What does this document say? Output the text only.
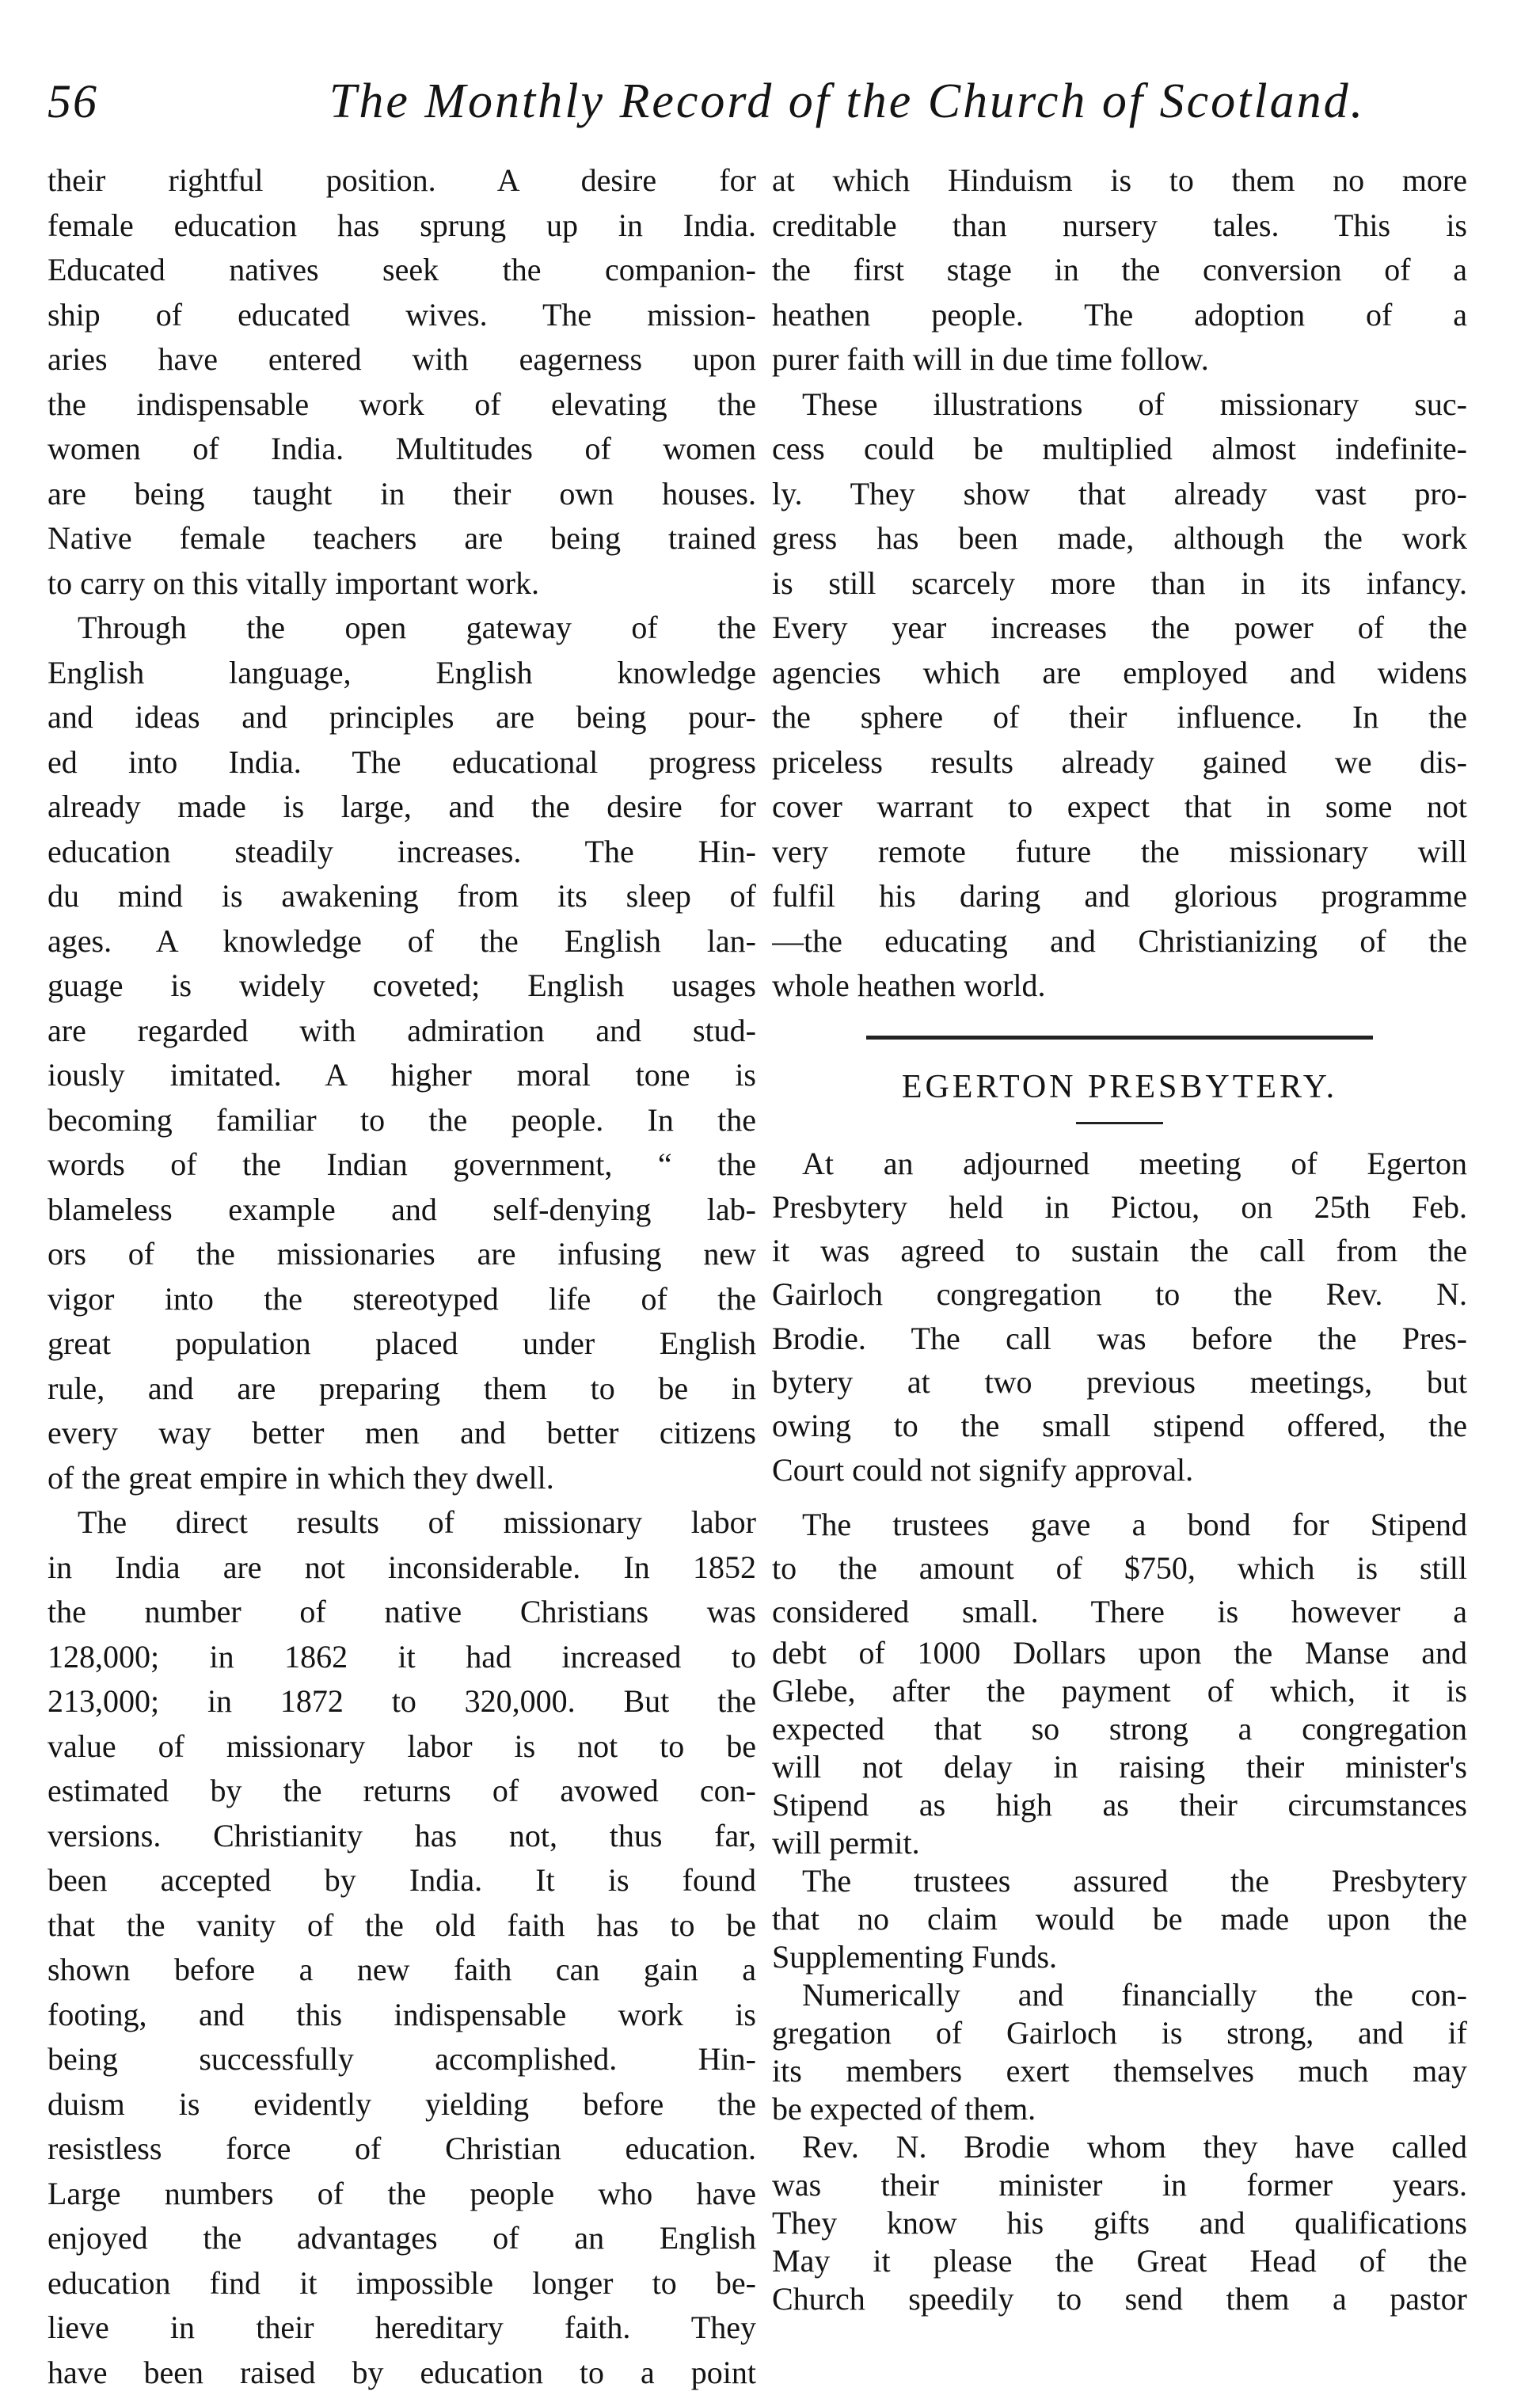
56	The Monthly Record of the Church of Scotland.
their rightful position. A desire for
female education has sprung up in India.
Educated natives seek the companion-
ship of educated wives. The mission-
aries have entered with eagerness upon
the indispensable work of elevating the
women of India. Multitudes of women
are being taught in their own houses.
Native female teachers are being trained
to carry on this vitally important work.
Through the open gateway of the
English language, English knowledge
and ideas and principles are being pour-
ed into India. The educational progress
already made is large, and the desire for
education steadily increases. The Hin-
du mind is awakening from its sleep of
ages. A knowledge of the English lan-
guage is widely coveted; English usages
are regarded with admiration and stud-
iously imitated. A higher moral tone is
becoming familiar to the people. In the
words of the Indian government, “ the
blameless example and self-denying lab-
ors of the missionaries are infusing new
vigor into the stereotyped life of the
great population placed under English
rule, and are preparing them to be in
every way better men and better citizens
of the great empire in which they dwell.
The direct results of missionary labor
in India are not inconsiderable. In 1852
the number of native Christians was
128,000; in 1862 it had increased to
213,000; in 1872 to 320,000. But the
value of missionary labor is not to be
estimated by the returns of avowed con-
versions. Christianity has not, thus far,
been accepted by India. It is found
that the vanity of the old faith has to be
shown before a new faith can gain a
footing, and this indispensable work is
being successfully accomplished. Hin-
duism is evidently yielding before the
resistless force of Christian education.
Large numbers of the people who have
enjoyed the advantages of an English
education find it impossible longer to be-
lieve in their hereditary faith. They
have been raised by education to a point
at which Hinduism is to them no more
creditable than nursery tales. This is
the first stage in the conversion of a
heathen people. The adoption of a
purer faith will in due time follow.
These illustrations of missionary suc-
cess could be multiplied almost indefinite-
ly. They show that already vast pro-
gress has been made, although the work
is still scarcely more than in its infancy.
Every year increases the power of the
agencies which are employed and widens
the sphere of their influence. In the
priceless results already gained we dis-
cover warrant to expect that in some not
very remote future the missionary will
fulfil his daring and glorious programme
—the educating and Christianizing of the
whole heathen world.
EGERTON PRESBYTERY.
At an adjourned meeting of Egerton
Presbytery held in Pictou, on 25th Feb.
it was agreed to sustain the call from the
Gairloch congregation to the Rev. N.
Brodie. The call was before the Pres-
bytery at two previous meetings, but
owing to the small stipend offered, the
Court could not signify approval.
The trustees gave a bond for Stipend
to the amount of $750, which is still
considered small. There is however a
debt of 1000 Dollars upon the Manse and
Glebe, after the payment of which, it is
expected that so strong a congregation
will not delay in raising their minister's
Stipend as high as their circumstances
will permit.
The trustees assured the Presbytery
that no claim would be made upon the
Supplementing Funds.
Numerically and financially the con-
gregation of Gairloch is strong, and if
its members exert themselves much may
be expected of them.
Rev. N. Brodie whom they have called
was their minister in former years.
They know his gifts and qualifications
May it please the Great Head of the
Church speedily to send them a pastor
